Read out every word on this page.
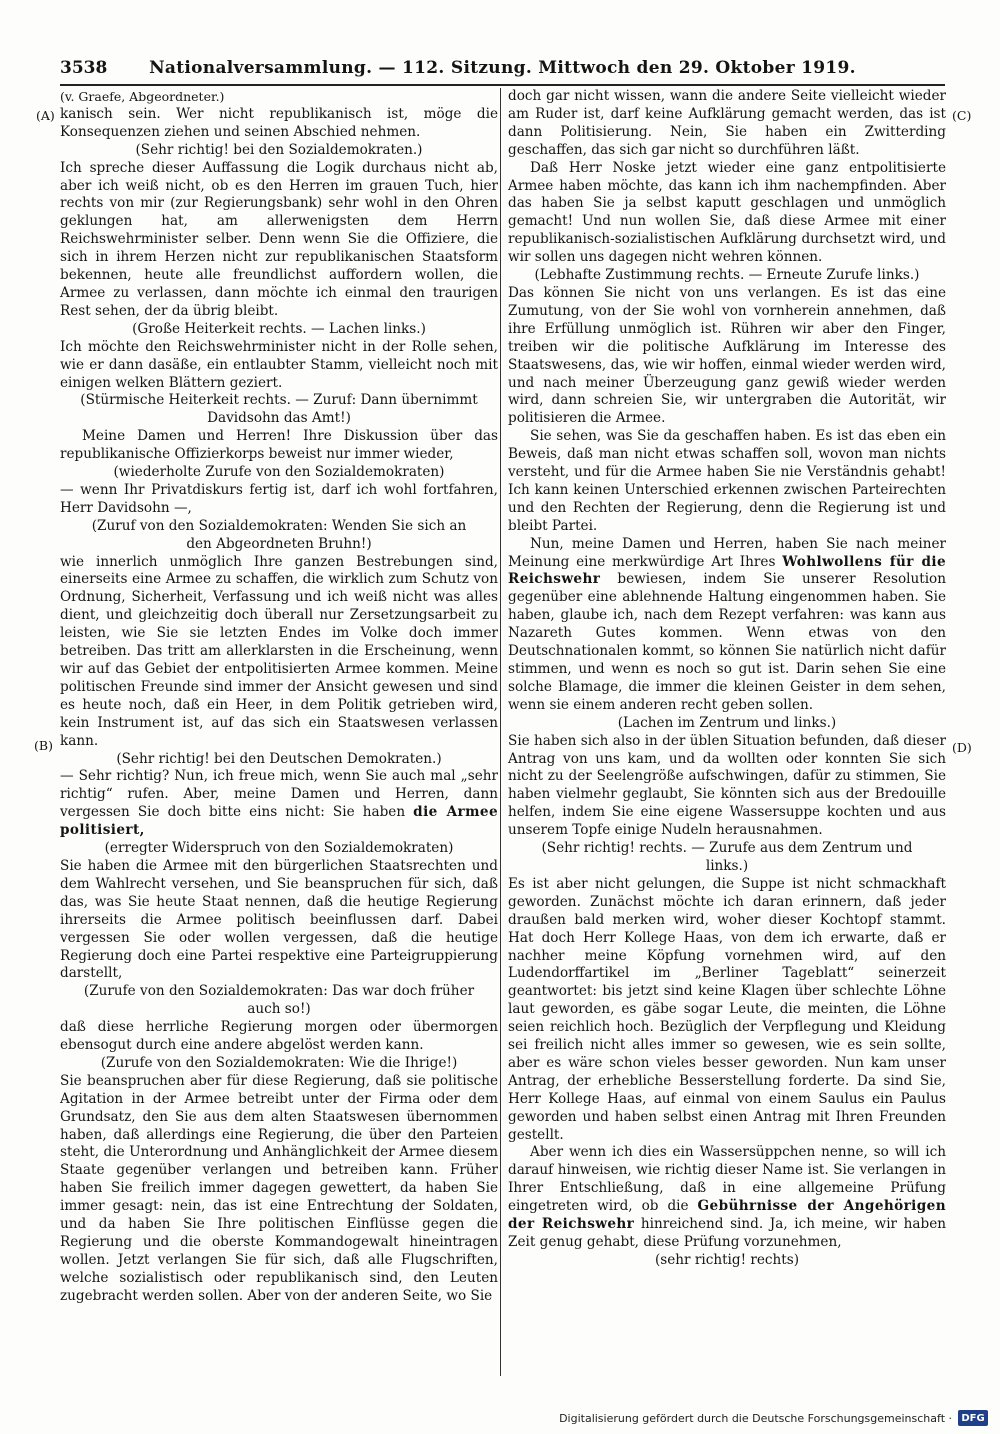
3538	Nationalversammlung. — 112. Sitzung. Mittwoch den 29. Oktober 1919.

(v. Graefe, Abgeordneter.)

kanisch sein. Wer nicht republikanisch ist, möge die Konsequenzen ziehen und seinen Abschied nehmen.

(Sehr richtig! bei den Sozialdemokraten.)

Ich spreche dieser Auffassung die Logik durchaus nicht ab, aber ich weiß nicht, ob es den Herren im grauen Tuch, hier rechts von mir (zur Regierungsbank) sehr wohl in den Ohren geklungen hat, am allerwenigsten dem Herrn Reichswehrminister selber. Denn wenn Sie die Offiziere, die sich in ihrem Herzen nicht zur republikanischen Staatsform bekennen, heute alle freundlichst auffordern wollen, die Armee zu verlassen, dann möchte ich einmal den traurigen Rest sehen, der da übrig bleibt.

(Große Heiterkeit rechts. — Lachen links.)

Ich möchte den Reichswehrminister nicht in der Rolle sehen, wie er dann dasäße, ein entlaubter Stamm, vielleicht noch mit einigen welken Blättern geziert.

(Stürmische Heiterkeit rechts. — Zuruf: Dann übernimmt Davidsohn das Amt!)

Meine Damen und Herren! Ihre Diskussion über das republikanische Offizierkorps beweist nur immer wieder,

(wiederholte Zurufe von den Sozialdemokraten)

— wenn Ihr Privatdiskurs fertig ist, darf ich wohl fortfahren, Herr Davidsohn —,

(Zuruf von den Sozialdemokraten: Wenden Sie sich an den Abgeordneten Bruhn!)

wie innerlich unmöglich Ihre ganzen Bestrebungen sind, einerseits eine Armee zu schaffen, die wirklich zum Schutz von Ordnung, Sicherheit, Verfassung und ich weiß nicht was alles dient, und gleichzeitig doch überall nur Zersetzungsarbeit zu leisten, wie Sie sie letzten Endes im Volke doch immer betreiben. Das tritt am allerklarsten in die Erscheinung, wenn wir auf das Gebiet der entpolitisierten Armee kommen. Meine politischen Freunde sind immer der Ansicht gewesen und sind es heute noch, daß ein Heer, in dem Politik getrieben wird, kein Instrument ist, auf das sich ein Staatswesen verlassen kann.

(Sehr richtig! bei den Deutschen Demokraten.)

— Sehr richtig? Nun, ich freue mich, wenn Sie auch mal „sehr richtig“ rufen. Aber, meine Damen und Herren, dann vergessen Sie doch bitte eins nicht: Sie haben die Armee politisiert,

(erregter Widerspruch von den Sozialdemokraten)

Sie haben die Armee mit den bürgerlichen Staatsrechten und dem Wahlrecht versehen, und Sie beanspruchen für sich, daß das, was Sie heute Staat nennen, daß die heutige Regierung ihrerseits die Armee politisch beeinflussen darf. Dabei vergessen Sie oder wollen vergessen, daß die heutige Regierung doch eine Partei respektive eine Parteigruppierung darstellt,

(Zurufe von den Sozialdemokraten: Das war doch früher auch so!)

daß diese herrliche Regierung morgen oder übermorgen ebensogut durch eine andere abgelöst werden kann.

(Zurufe von den Sozialdemokraten: Wie die Ihrige!)

Sie beanspruchen aber für diese Regierung, daß sie politische Agitation in der Armee betreibt unter der Firma oder dem Grundsatz, den Sie aus dem alten Staatswesen übernommen haben, daß allerdings eine Regierung, die über den Parteien steht, die Unterordnung und Anhänglichkeit der Armee diesem Staate gegenüber verlangen und betreiben kann. Früher haben Sie freilich immer dagegen gewettert, da haben Sie immer gesagt: nein, das ist eine Entrechtung der Soldaten, und da haben Sie Ihre politischen Einflüsse gegen die Regierung und die oberste Kommandogewalt hineintragen wollen. Jetzt verlangen Sie für sich, daß alle Flugschriften, welche sozialistisch oder republikanisch sind, den Leuten zugebracht werden sollen. Aber von der anderen Seite, wo Sie

doch gar nicht wissen, wann die andere Seite vielleicht wieder am Ruder ist, darf keine Aufklärung gemacht werden, das ist dann Politisierung. Nein, Sie haben ein Zwitterding geschaffen, das sich gar nicht so durchführen läßt.

Daß Herr Noske jetzt wieder eine ganz entpolitisierte Armee haben möchte, das kann ich ihm nachempfinden. Aber das haben Sie ja selbst kaputt geschlagen und unmöglich gemacht! Und nun wollen Sie, daß diese Armee mit einer republikanisch-sozialistischen Aufklärung durchsetzt wird, und wir sollen uns dagegen nicht wehren können.

(Lebhafte Zustimmung rechts. — Erneute Zurufe links.)

Das können Sie nicht von uns verlangen. Es ist das eine Zumutung, von der Sie wohl von vornherein annehmen, daß ihre Erfüllung unmöglich ist. Rühren wir aber den Finger, treiben wir die politische Aufklärung im Interesse des Staatswesens, das, wie wir hoffen, einmal wieder werden wird, und nach meiner Überzeugung ganz gewiß wieder werden wird, dann schreien Sie, wir untergraben die Autorität, wir politisieren die Armee.

Sie sehen, was Sie da geschaffen haben. Es ist das eben ein Beweis, daß man nicht etwas schaffen soll, wovon man nichts versteht, und für die Armee haben Sie nie Verständnis gehabt! Ich kann keinen Unterschied erkennen zwischen Parteirechten und den Rechten der Regierung, denn die Regierung ist und bleibt Partei.

Nun, meine Damen und Herren, haben Sie nach meiner Meinung eine merkwürdige Art Ihres Wohlwollens für die Reichswehr bewiesen, indem Sie unserer Resolution gegenüber eine ablehnende Haltung eingenommen haben. Sie haben, glaube ich, nach dem Rezept verfahren: was kann aus Nazareth Gutes kommen. Wenn etwas von den Deutschnationalen kommt, so können Sie natürlich nicht dafür stimmen, und wenn es noch so gut ist. Darin sehen Sie eine solche Blamage, die immer die kleinen Geister in dem sehen, wenn sie einem anderen recht geben sollen.

(Lachen im Zentrum und links.)

Sie haben sich also in der üblen Situation befunden, daß dieser Antrag von uns kam, und da wollten oder konnten Sie sich nicht zu der Seelengröße aufschwingen, dafür zu stimmen, Sie haben vielmehr geglaubt, Sie könnten sich aus der Bredouille helfen, indem Sie eine eigene Wassersuppe kochten und aus unserem Topfe einige Nudeln herausnahmen.

(Sehr richtig! rechts. — Zurufe aus dem Zentrum und links.)

Es ist aber nicht gelungen, die Suppe ist nicht schmackhaft geworden. Zunächst möchte ich daran erinnern, daß jeder draußen bald merken wird, woher dieser Kochtopf stammt. Hat doch Herr Kollege Haas, von dem ich erwarte, daß er nachher meine Köpfung vornehmen wird, auf den Ludendorffartikel im „Berliner Tageblatt“ seinerzeit geantwortet: bis jetzt sind keine Klagen über schlechte Löhne laut geworden, es gäbe sogar Leute, die meinten, die Löhne seien reichlich hoch. Bezüglich der Verpflegung und Kleidung sei freilich nicht alles immer so gewesen, wie es sein sollte, aber es wäre schon vieles besser geworden. Nun kam unser Antrag, der erhebliche Besserstellung forderte. Da sind Sie, Herr Kollege Haas, auf einmal von einem Saulus ein Paulus geworden und haben selbst einen Antrag mit Ihren Freunden gestellt.

Aber wenn ich dies ein Wassersüppchen nenne, so will ich darauf hinweisen, wie richtig dieser Name ist. Sie verlangen in Ihrer Entschließung, daß in eine allgemeine Prüfung eingetreten wird, ob die Gebührnisse der Angehörigen der Reichswehr hinreichend sind. Ja, ich meine, wir haben Zeit genug gehabt, diese Prüfung vorzunehmen,

(sehr richtig! rechts)

(A)
(B)
(C)
(D)
Digitalisierung gefördert durch die Deutsche Forschungsgemeinschaft · DFG
